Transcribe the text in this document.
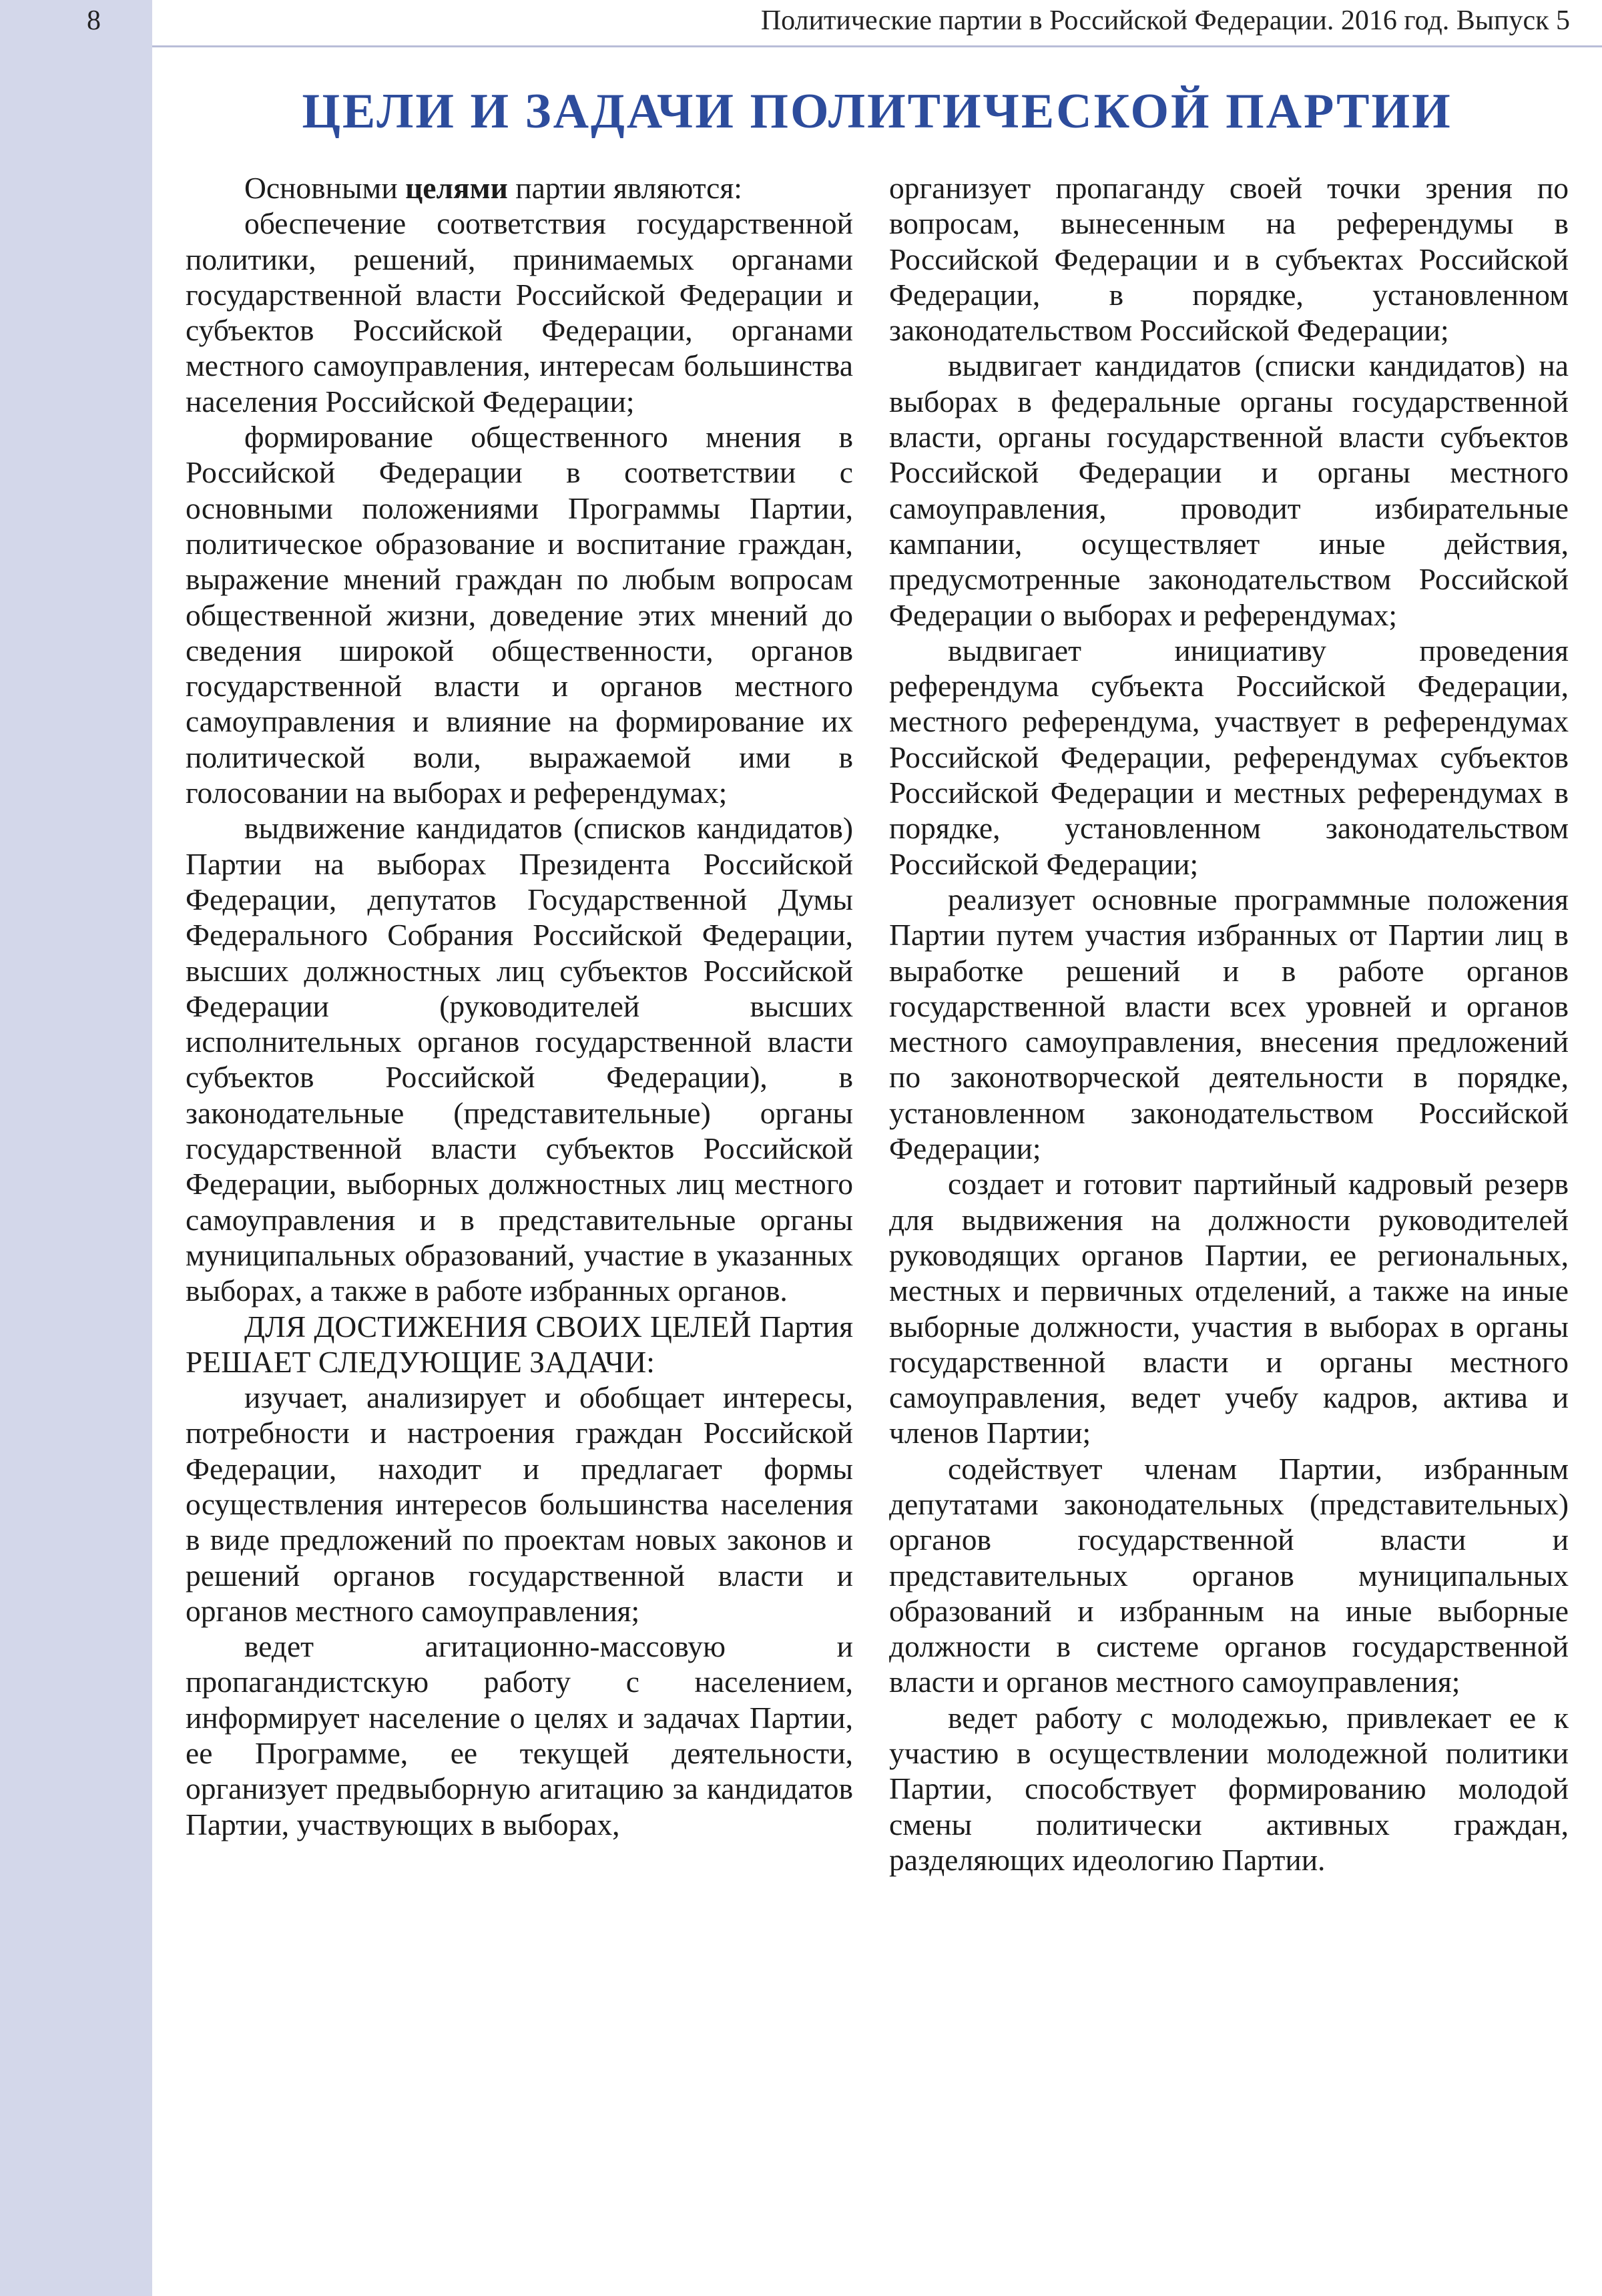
8	Политические партии в Российской Федерации. 2016 год. Выпуск 5
ЦЕЛИ И ЗАДАЧИ ПОЛИТИЧЕСКОЙ ПАРТИИ

Основными целями партии являются:

обеспечение соответствия государственной политики, решений, принимаемых органами государственной власти Российской Федерации и субъектов Российской Федерации, органами местного самоуправления, интересам большинства населения Российской Федерации;

формирование общественного мнения в Российской Федерации в соответствии с основными положениями Программы Партии, политическое образование и воспитание граждан, выражение мнений граждан по любым вопросам общественной жизни, доведение этих мнений до сведения широкой общественности, органов государственной власти и органов местного самоуправления и влияние на формирование их политической воли, выражаемой ими в голосовании на выборах и референдумах;

выдвижение кандидатов (списков кандидатов) Партии на выборах Президента Российской Федерации, депутатов Государственной Думы Федерального Собрания Российской Федерации, высших должностных лиц субъектов Российской Федерации (руководителей высших исполнительных органов государственной власти субъектов Российской Федерации), в законодательные (представительные) органы государственной власти субъектов Российской Федерации, выборных должностных лиц местного самоуправления и в представительные органы муниципальных образований, участие в указанных выборах, а также в работе избранных органов.

ДЛЯ ДОСТИЖЕНИЯ СВОИХ ЦЕЛЕЙ Партия РЕШАЕТ СЛЕДУЮЩИЕ ЗАДАЧИ:

изучает, анализирует и обобщает интересы, потребности и настроения граждан Российской Федерации, находит и предлагает формы осуществления интересов большинства населения в виде предложений по проектам новых законов и решений органов государственной власти и органов местного самоуправления;

ведет агитационно-массовую и пропагандистскую работу с населением, информирует население о целях и задачах Партии, ее Программе, ее текущей деятельности, организует предвыборную агитацию за кандидатов Партии, участвующих в выборах,

организует пропаганду своей точки зрения по вопросам, вынесенным на референдумы в Российской Федерации и в субъектах Российской Федерации, в порядке, установленном законодательством Российской Федерации;

выдвигает кандидатов (списки кандидатов) на выборах в федеральные органы государственной власти, органы государственной власти субъектов Российской Федерации и органы местного самоуправления, проводит избирательные кампании, осуществляет иные действия, предусмотренные законодательством Российской Федерации о выборах и референдумах;

выдвигает инициативу проведения референдума субъекта Российской Федерации, местного референдума, участвует в референдумах Российской Федерации, референдумах субъектов Российской Федерации и местных референдумах в порядке, установленном законодательством Российской Федерации;

реализует основные программные положения Партии путем участия избранных от Партии лиц в выработке решений и в работе органов государственной власти всех уровней и органов местного самоуправления, внесения предложений по законотворческой деятельности в порядке, установленном законодательством Российской Федерации;

создает и готовит партийный кадровый резерв для выдвижения на должности руководителей руководящих органов Партии, ее региональных, местных и первичных отделений, а также на иные выборные должности, участия в выборах в органы государственной власти и органы местного самоуправления, ведет учебу кадров, актива и членов Партии;

содействует членам Партии, избранным депутатами законодательных (представительных) органов государственной власти и представительных органов муниципальных образований и избранным на иные выборные должности в системе органов государственной власти и органов местного самоуправления;

ведет работу с молодежью, привлекает ее к участию в осуществлении молодежной политики Партии, способствует формированию молодой смены политически активных граждан, разделяющих идеологию Партии.
